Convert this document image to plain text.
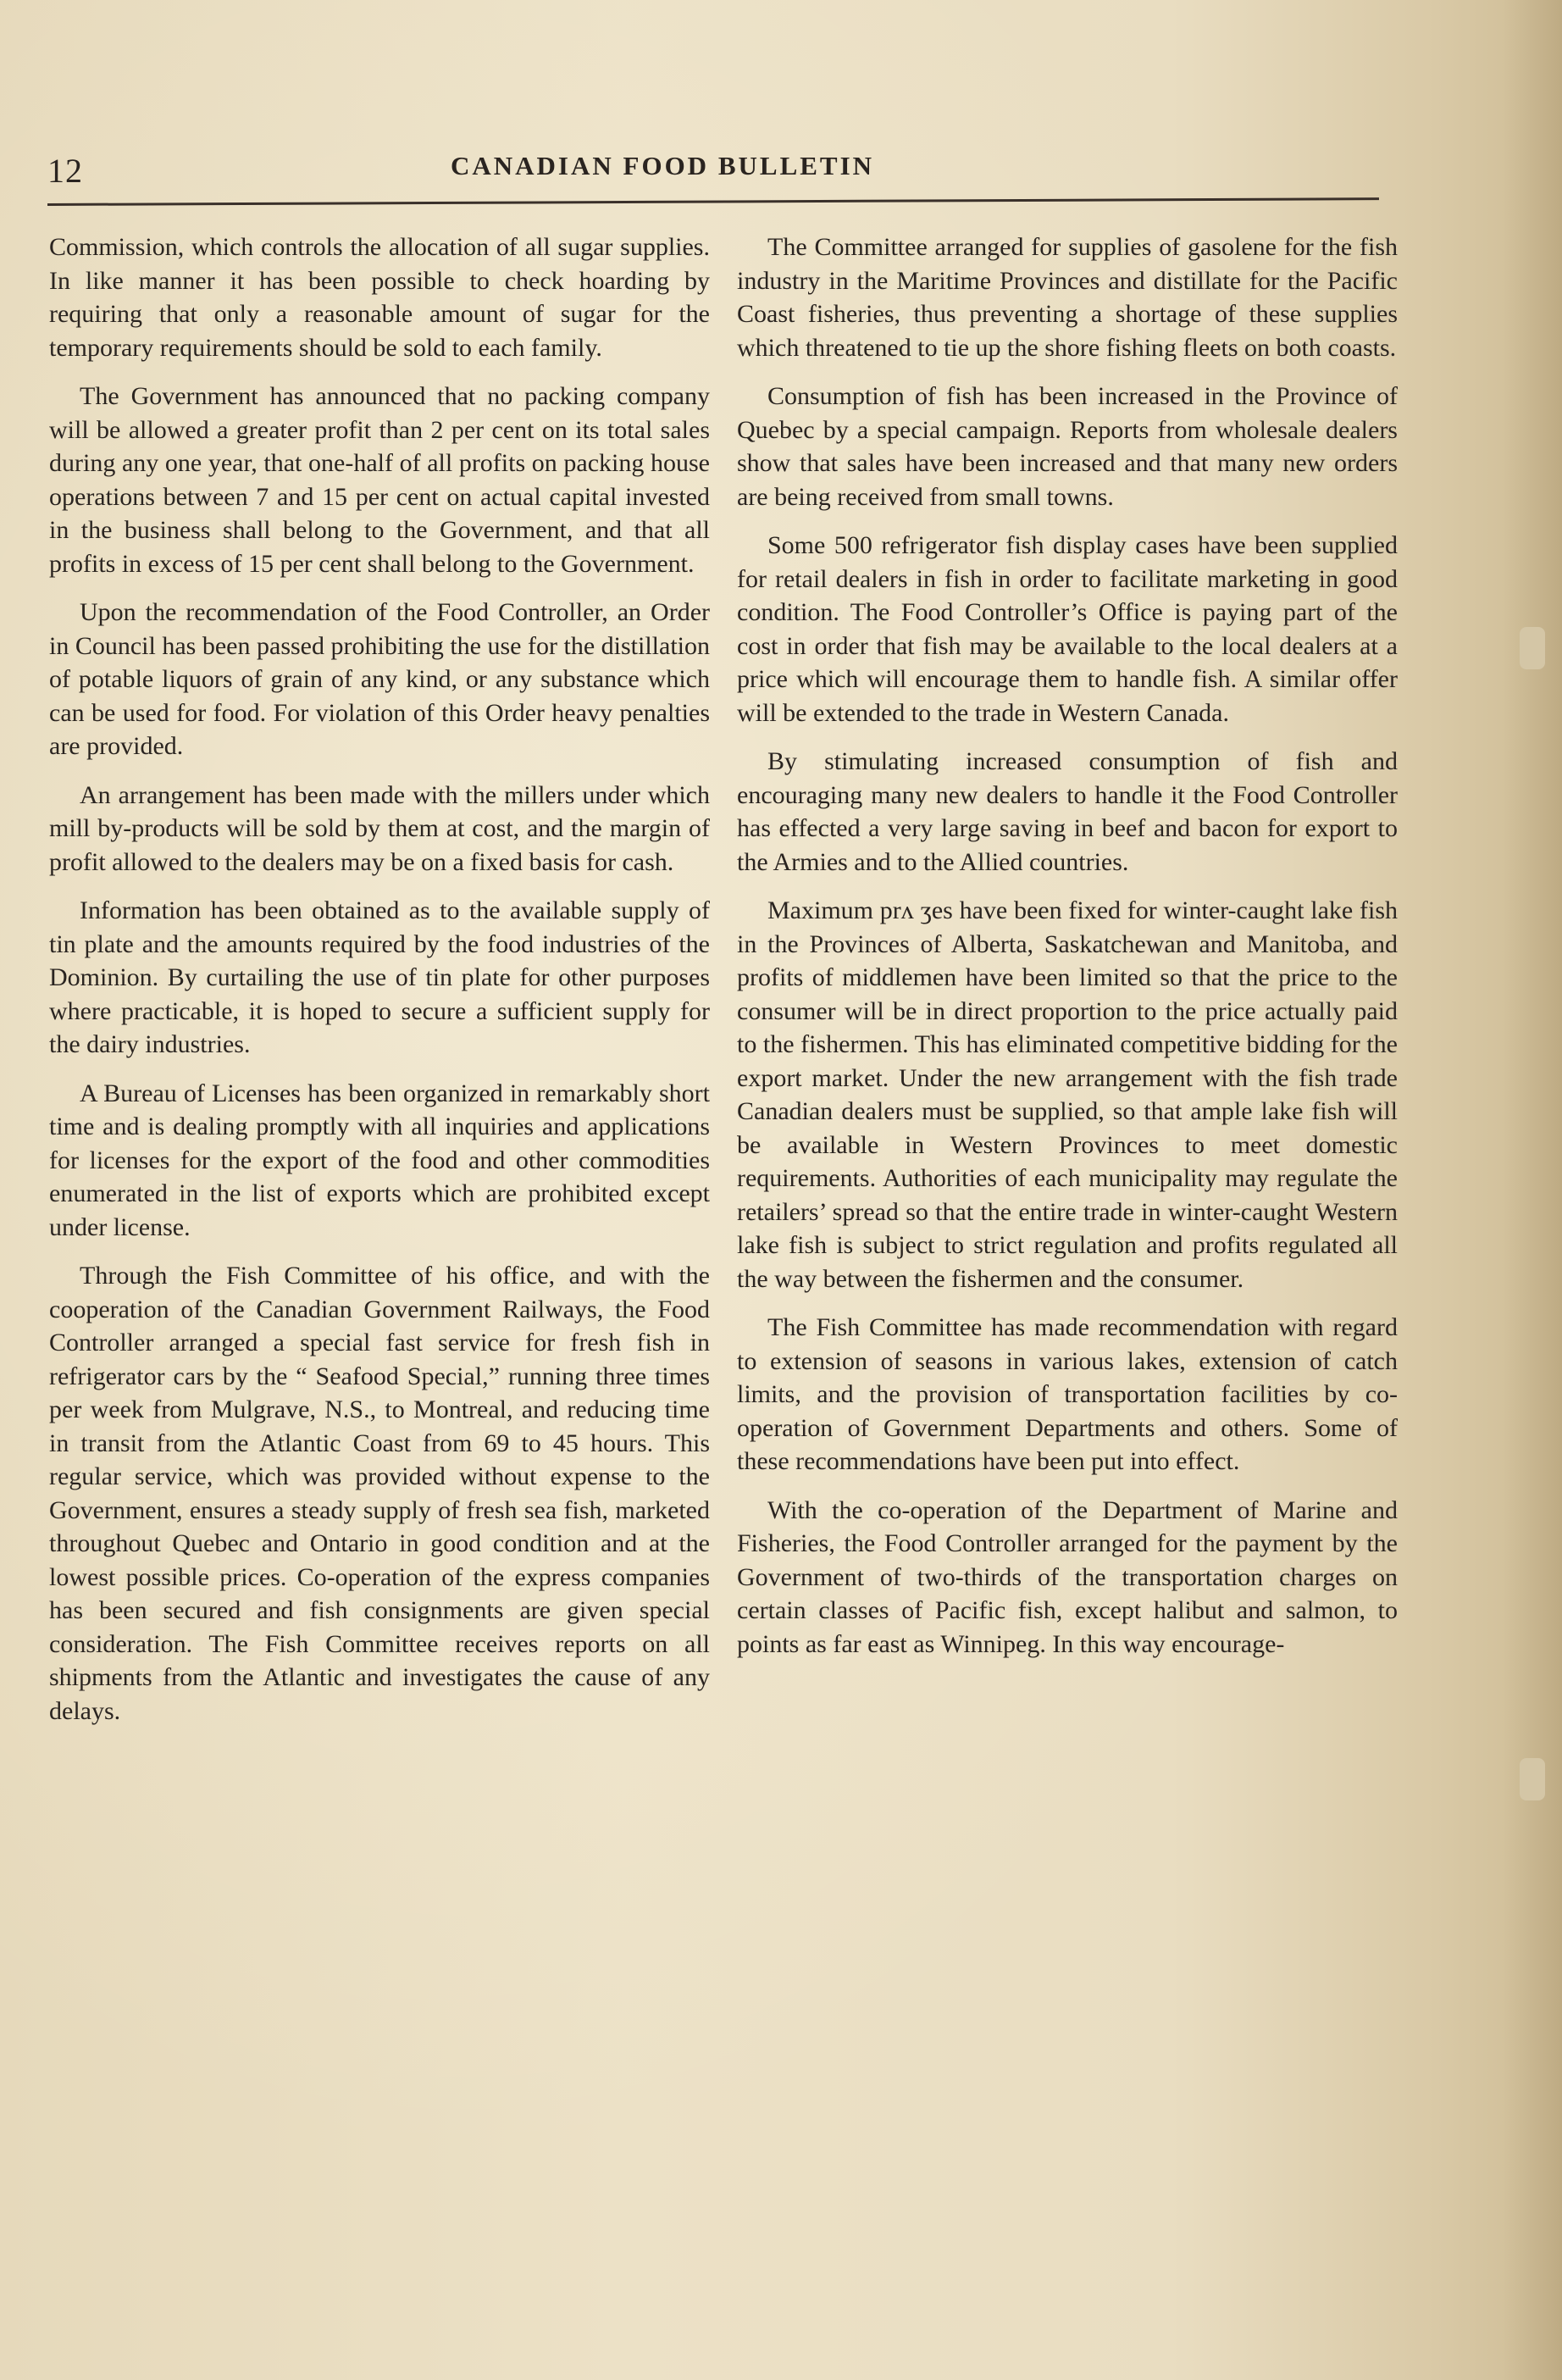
12	CANADIAN FOOD BULLETIN

Commission, which controls the allocation of all sugar supplies. In like manner it has been possible to check hoarding by requiring that only a reasonable amount of sugar for the temporary requirements should be sold to each family.

The Government has announced that no packing company will be allowed a greater profit than 2 per cent on its total sales during any one year, that one-half of all profits on packing house operations between 7 and 15 per cent on actual capital invested in the business shall belong to the Government, and that all profits in excess of 15 per cent shall belong to the Government.

Upon the recommendation of the Food Controller, an Order in Council has been passed prohibiting the use for the distillation of potable liquors of grain of any kind, or any substance which can be used for food. For violation of this Order heavy penalties are provided.

An arrangement has been made with the millers under which mill by-products will be sold by them at cost, and the margin of profit allowed to the dealers may be on a fixed basis for cash.

Information has been obtained as to the available supply of tin plate and the amounts required by the food industries of the Dominion. By curtailing the use of tin plate for other purposes where practicable, it is hoped to secure a sufficient supply for the dairy industries.

A Bureau of Licenses has been organized in remarkably short time and is dealing promptly with all inquiries and applications for licenses for the export of the food and other commodities enumerated in the list of exports which are prohibited except under license.

Through the Fish Committee of his office, and with the cooperation of the Canadian Government Railways, the Food Controller arranged a special fast service for fresh fish in refrigerator cars by the “ Seafood Special,” running three times per week from Mulgrave, N.S., to Montreal, and reducing time in transit from the Atlantic Coast from 69 to 45 hours. This regular service, which was provided without expense to the Government, ensures a steady supply of fresh sea fish, marketed throughout Quebec and Ontario in good condition and at the lowest possible prices. Co-operation of the express companies has been secured and fish consignments are given special consideration. The Fish Committee receives reports on all shipments from the Atlantic and investigates the cause of any delays.

The Committee arranged for supplies of gasolene for the fish industry in the Maritime Provinces and distillate for the Pacific Coast fisheries, thus preventing a shortage of these supplies which threatened to tie up the shore fishing fleets on both coasts.

Consumption of fish has been increased in the Province of Quebec by a special campaign. Reports from wholesale dealers show that sales have been increased and that many new orders are being received from small towns.

Some 500 refrigerator fish display cases have been supplied for retail dealers in fish in order to facilitate marketing in good condition. The Food Controller’s Office is paying part of the cost in order that fish may be available to the local dealers at a price which will encourage them to handle fish. A similar offer will be extended to the trade in Western Canada.

By stimulating increased consumption of fish and encouraging many new dealers to handle it the Food Controller has effected a very large saving in beef and bacon for export to the Armies and to the Allied countries.

Maximum prʌ ʒes have been fixed for winter-caught lake fish in the Provinces of Alberta, Saskatchewan and Manitoba, and profits of middlemen have been limited so that the price to the consumer will be in direct proportion to the price actually paid to the fishermen. This has eliminated competitive bidding for the export market. Under the new arrangement with the fish trade Canadian dealers must be supplied, so that ample lake fish will be available in Western Provinces to meet domestic requirements. Authorities of each municipality may regulate the retailers’ spread so that the entire trade in winter-caught Western lake fish is subject to strict regulation and profits regulated all the way between the fishermen and the consumer.

The Fish Committee has made recommendation with regard to extension of seasons in various lakes, extension of catch limits, and the provision of transportation facilities by co-operation of Government Departments and others. Some of these recommendations have been put into effect.

With the co-operation of the Department of Marine and Fisheries, the Food Controller arranged for the payment by the Government of two-thirds of the transportation charges on certain classes of Pacific fish, except halibut and salmon, to points as far east as Winnipeg. In this way encourage-
